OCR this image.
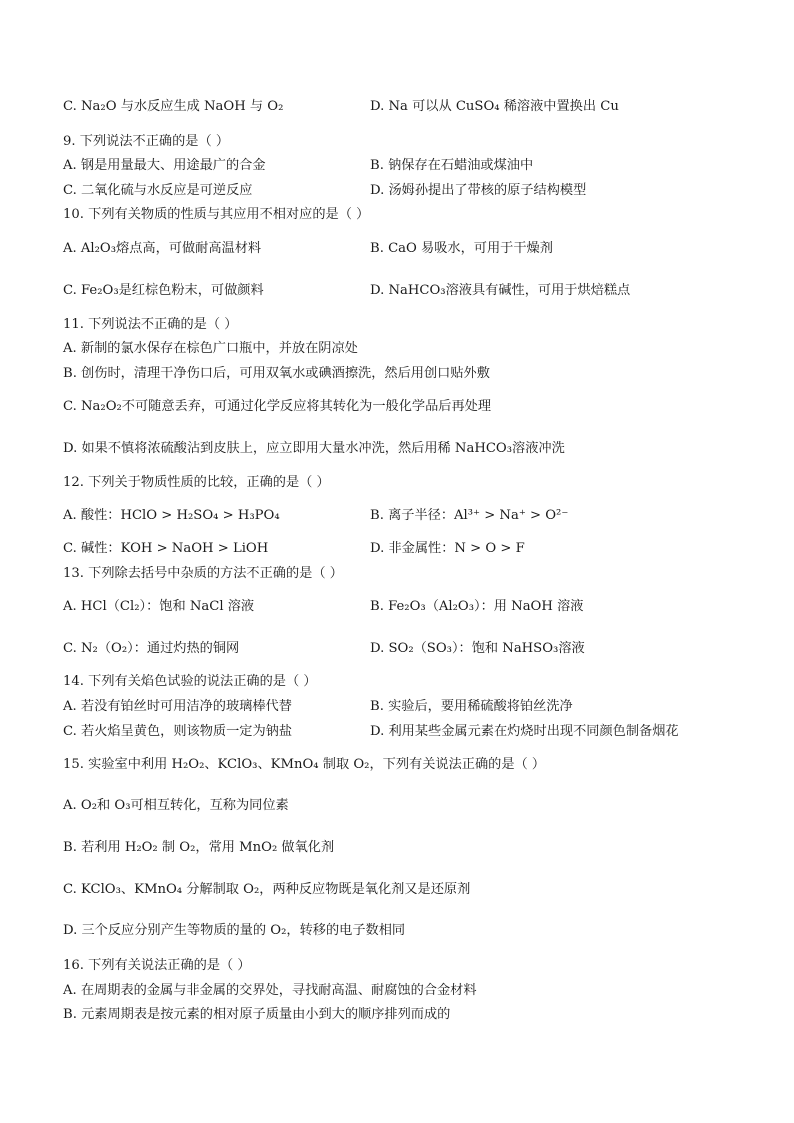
C. Na₂O 与水反应生成 NaOH 与 O₂	D. Na 可以从 CuSO₄ 稀溶液中置换出 Cu
9. 下列说法不正确的是（ ）
A. 钢是用量最大、用途最广的合金	B. 钠保存在石蜡油或煤油中
C. 二氧化硫与水反应是可逆反应	D. 汤姆孙提出了带核的原子结构模型
10. 下列有关物质的性质与其应用不相对应的是（ ）
A. Al₂O₃熔点高，可做耐高温材料	B. CaO 易吸水，可用于干燥剂
C. Fe₂O₃是红棕色粉末，可做颜料	D. NaHCO₃溶液具有碱性，可用于烘焙糕点
11. 下列说法不正确的是（ ）
A. 新制的氯水保存在棕色广口瓶中，并放在阴凉处
B. 创伤时，清理干净伤口后，可用双氧水或碘酒擦洗，然后用创口贴外敷
C. Na₂O₂不可随意丢弃，可通过化学反应将其转化为一般化学品后再处理
D. 如果不慎将浓硫酸沾到皮肤上，应立即用大量水冲洗，然后用稀 NaHCO₃溶液冲洗
12. 下列关于物质性质的比较，正确的是（ ）
A. 酸性：HClO > H₂SO₄ > H₃PO₄	B. 离子半径：Al³⁺ > Na⁺ > O²⁻
C. 碱性：KOH > NaOH > LiOH	D. 非金属性：N > O > F
13. 下列除去括号中杂质的方法不正确的是（ ）
A. HCl（Cl₂）：饱和 NaCl 溶液	B. Fe₂O₃（Al₂O₃）：用 NaOH 溶液
C. N₂（O₂）：通过灼热的铜网	D. SO₂（SO₃）：饱和 NaHSO₃溶液
14. 下列有关焰色试验的说法正确的是（ ）
A. 若没有铂丝时可用洁净的玻璃棒代替	B. 实验后，要用稀硫酸将铂丝洗净
C. 若火焰呈黄色，则该物质一定为钠盐	D. 利用某些金属元素在灼烧时出现不同颜色制备烟花
15. 实验室中利用 H₂O₂、KClO₃、KMnO₄ 制取 O₂，下列有关说法正确的是（ ）
A. O₂和 O₃可相互转化，互称为同位素
B. 若利用 H₂O₂ 制 O₂，常用 MnO₂ 做氧化剂
C. KClO₃、KMnO₄ 分解制取 O₂，两种反应物既是氧化剂又是还原剂
D. 三个反应分别产生等物质的量的 O₂，转移的电子数相同
16. 下列有关说法正确的是（ ）
A. 在周期表的金属与非金属的交界处，寻找耐高温、耐腐蚀的合金材料
B. 元素周期表是按元素的相对原子质量由小到大的顺序排列而成的
